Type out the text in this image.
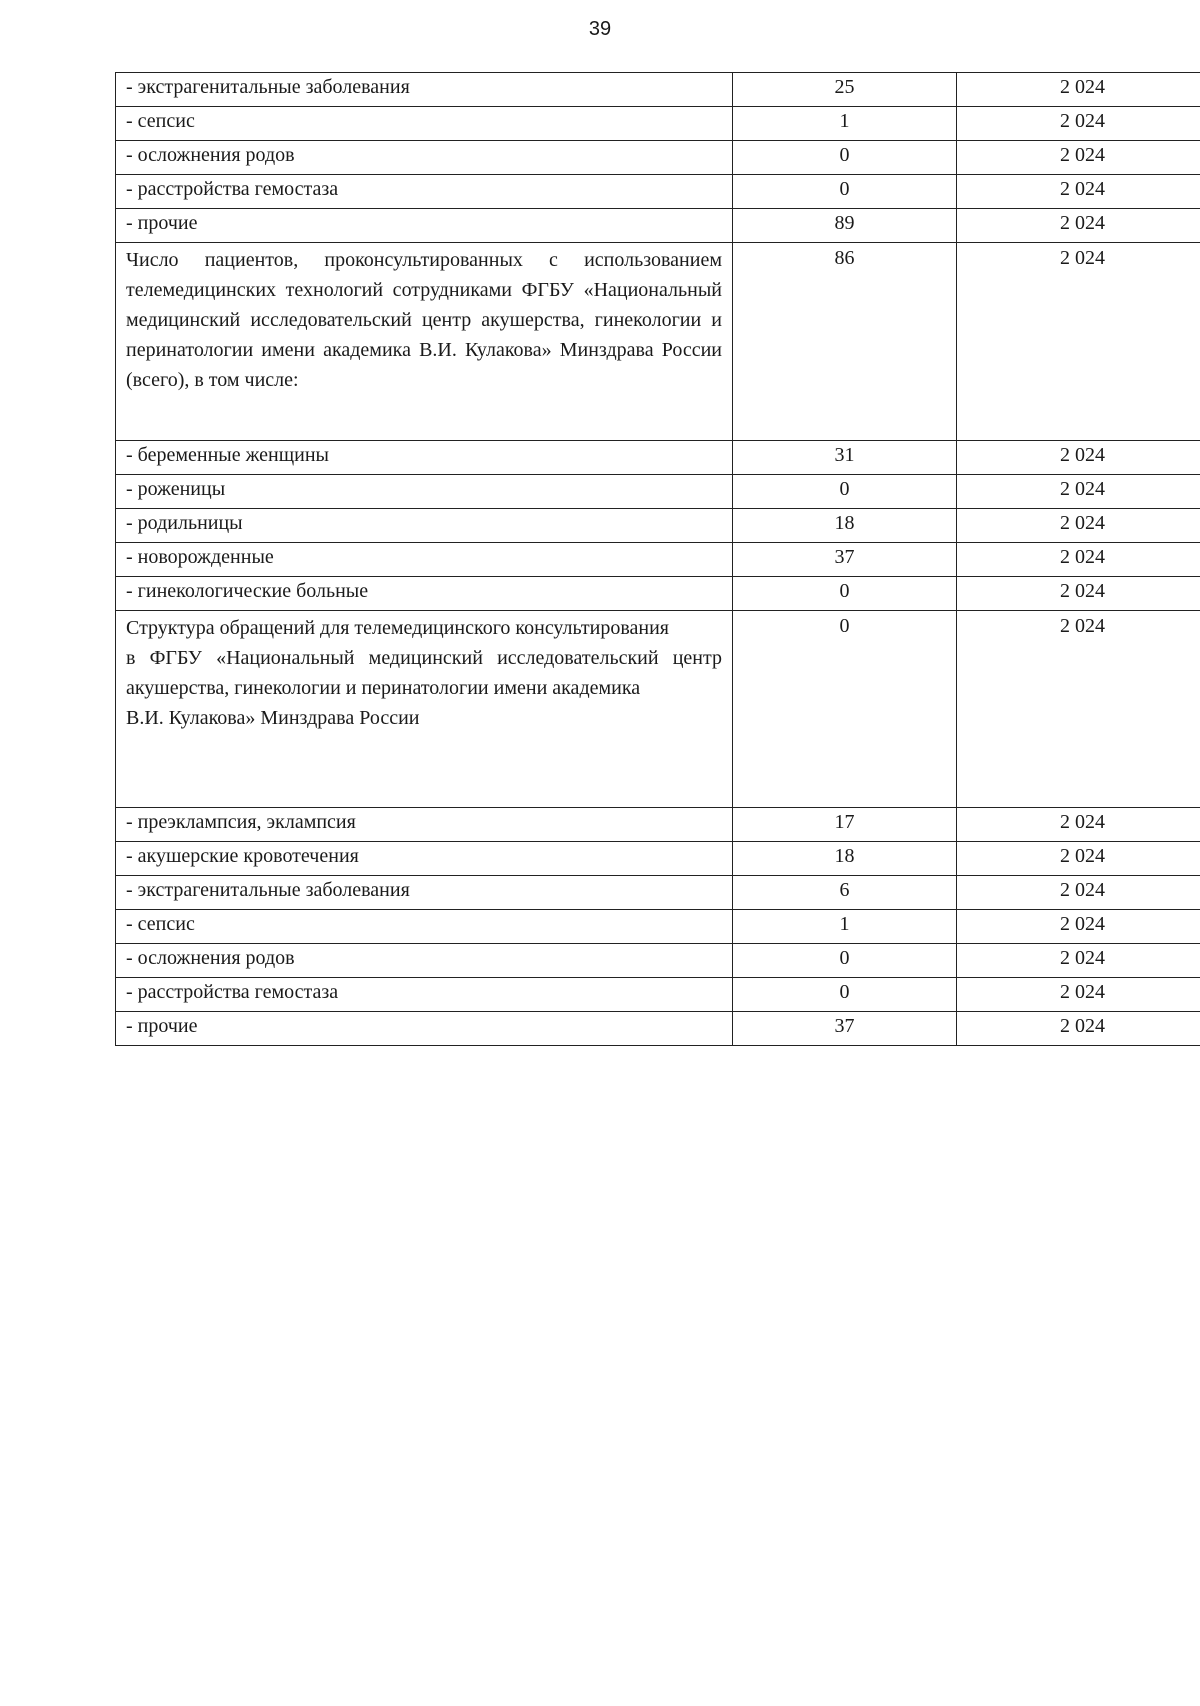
39
- экстрагенитальные заболевания	25	2 024
- сепсис	1	2 024
- осложнения родов	0	2 024
- расстройства гемостаза	0	2 024
- прочие	89	2 024
Число пациентов, проконсультированных с использованием телемедицинских технологий сотрудниками ФГБУ «Национальный медицинский исследовательский центр акушерства, гинекологии и перинатологии имени академика В.И. Кулакова» Минздрава России (всего), в том числе:	86	2 024
- беременные женщины	31	2 024
- роженицы	0	2 024
- родильницы	18	2 024
- новорожденные	37	2 024
- гинекологические больные	0	2 024

Структура обращений для телемедицинского консультирования
в ФГБУ «Национальный медицинский исследовательский центр акушерства, гинекологии и перинатологии имени академика
В.И. Кулакова» Минздрава России	0	2 024
- преэклампсия, эклампсия	17	2 024
- акушерские кровотечения	18	2 024
- экстрагенитальные заболевания	6	2 024
- сепсис	1	2 024
- осложнения родов	0	2 024
- расстройства гемостаза	0	2 024
- прочие	37	2 024
